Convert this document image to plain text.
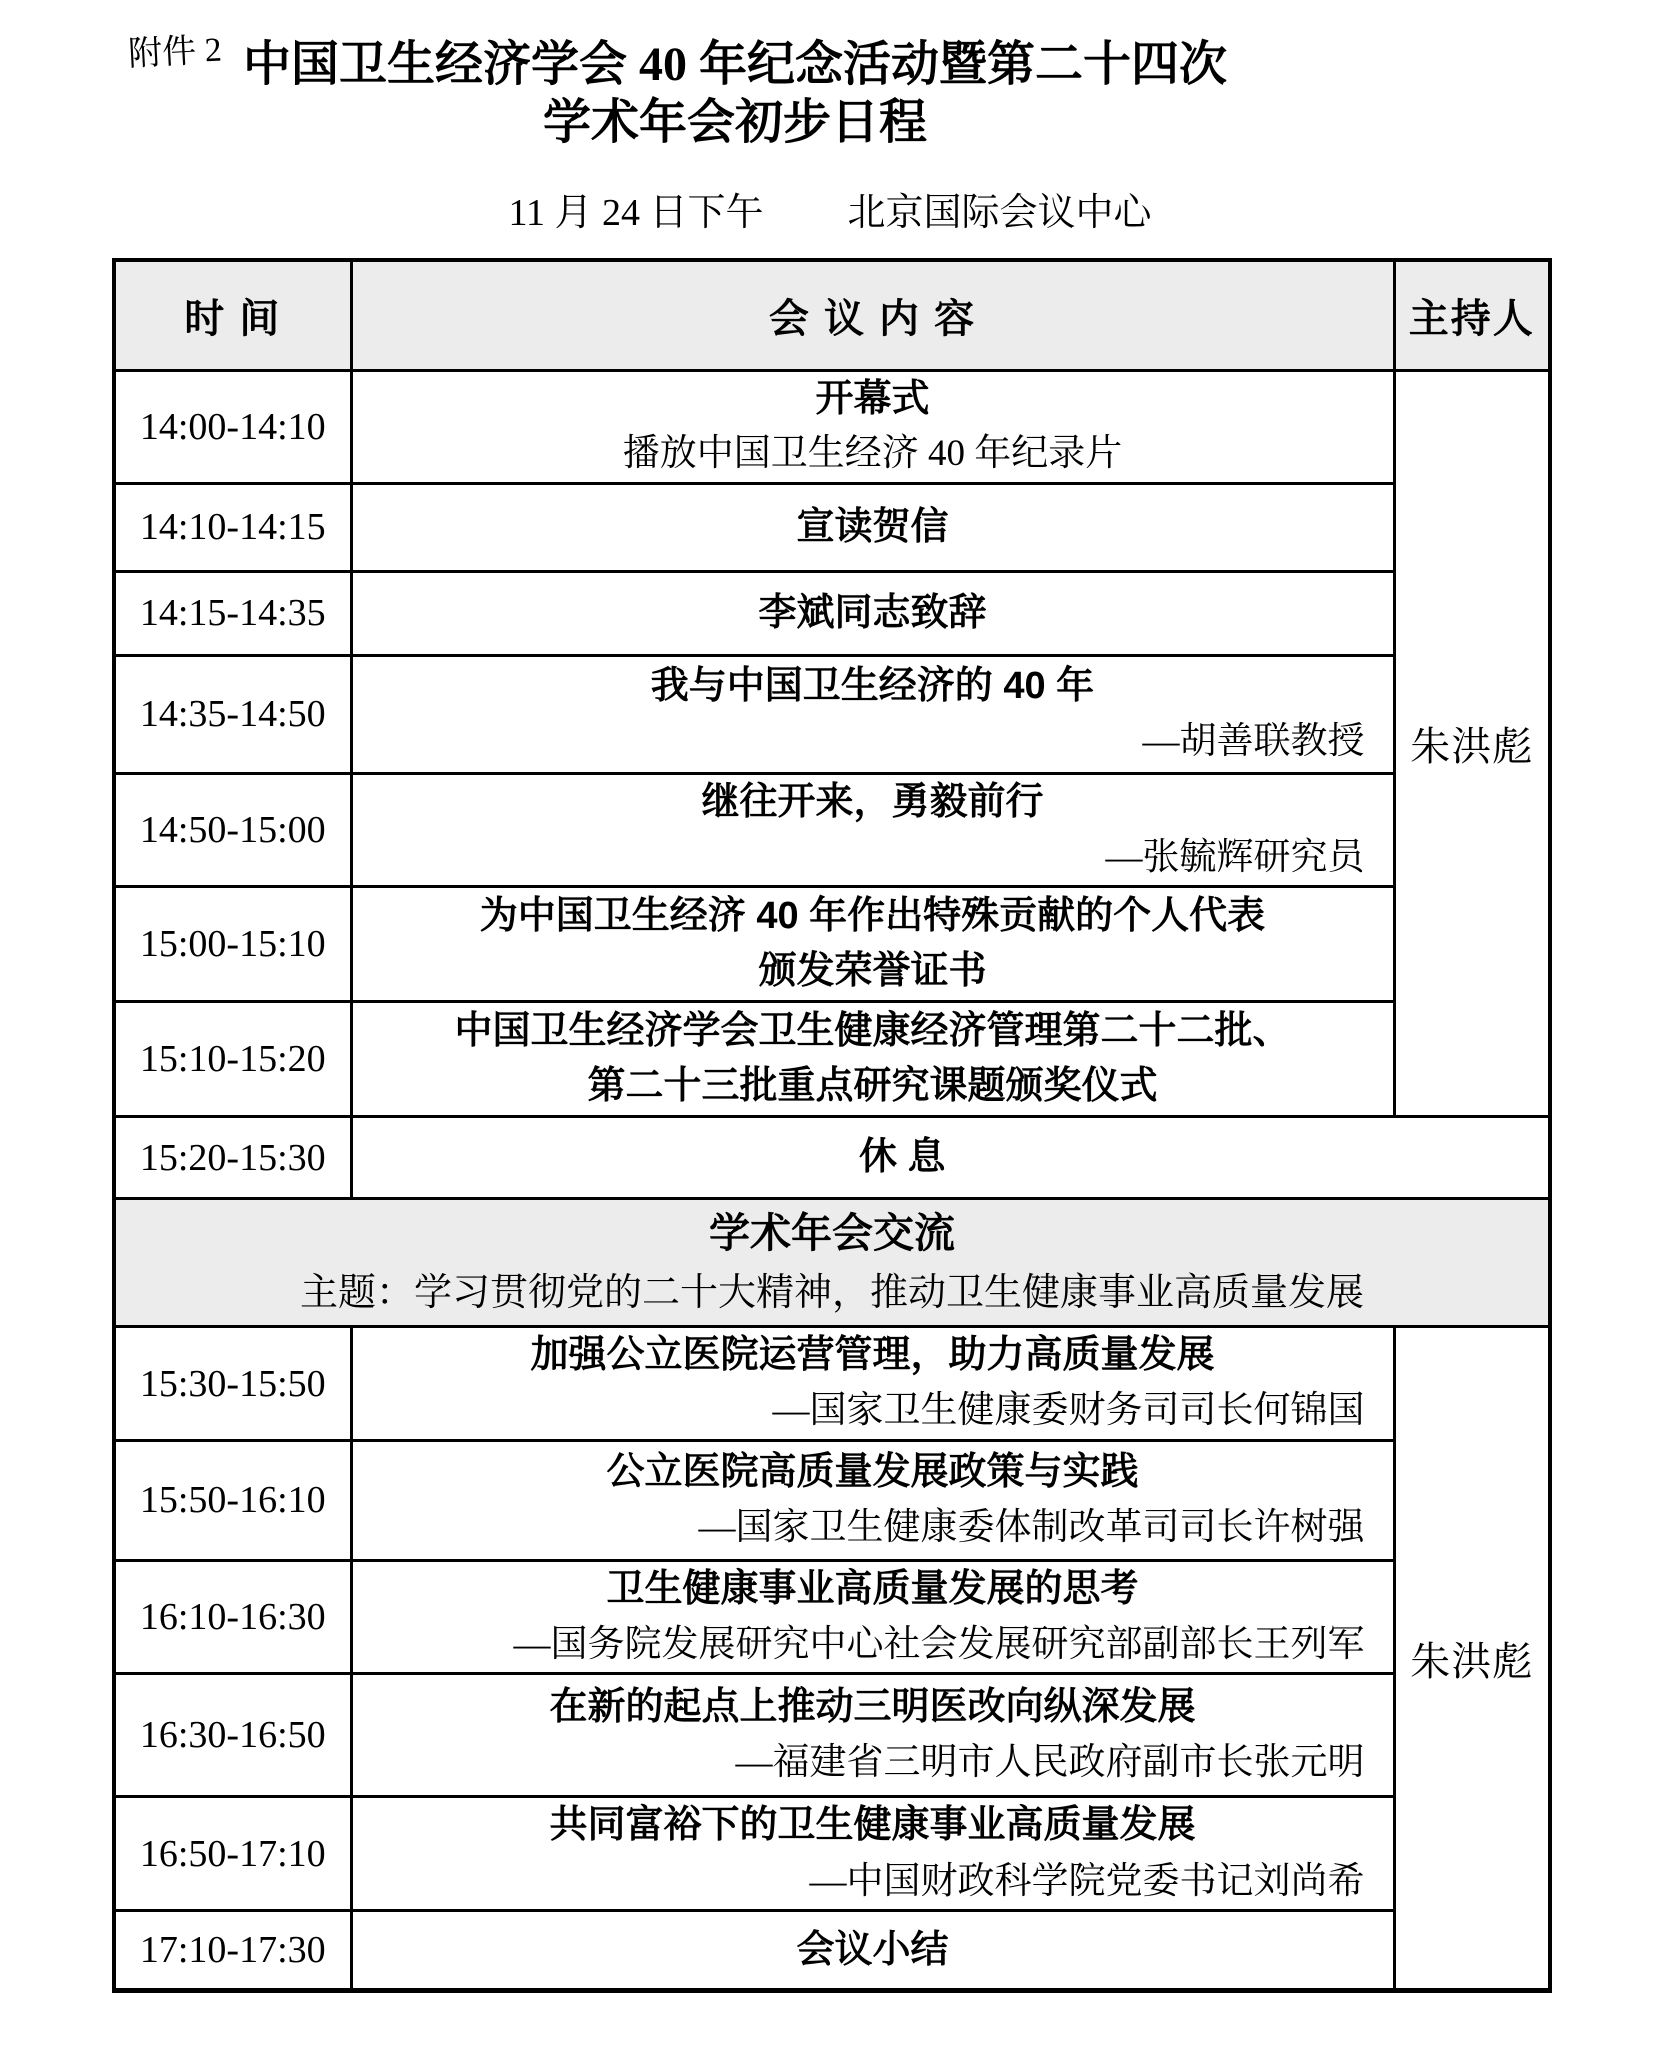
附件 2 中国卫生经济学会 40 年纪念活动暨第二十四次
学术年会初步日程
11 月 24 日下午 北京国际会议中心
时 间	会 议 内 容	主持人
14:00-14:10	开幕式
播放中国卫生经济 40 年纪录片	朱洪彪
14:10-14:15	宣读贺信	

14:15-14:35	李斌同志致辞	

14:35-14:50	我与中国卫生经济的 40 年
—胡善联教授	

14:50-15:00	继往开来，勇毅前行
—张毓辉研究员	

15:00-15:10	为中国卫生经济 40 年作出特殊贡献的个人代表
颁发荣誉证书	

15:10-15:20	中国卫生经济学会卫生健康经济管理第二十二批、
第二十三批重点研究课题颁奖仪式	

15:20-15:30	休 息	

学术年会交流
主题：学习贯彻党的二十大精神，推动卫生健康事业高质量发展		

15:30-15:50	加强公立医院运营管理，助力高质量发展
—国家卫生健康委财务司司长何锦国	朱洪彪
15:50-16:10	公立医院高质量发展政策与实践
—国家卫生健康委体制改革司司长许树强	

16:10-16:30	卫生健康事业高质量发展的思考
—国务院发展研究中心社会发展研究部副部长王列军	

16:30-16:50	在新的起点上推动三明医改向纵深发展
—福建省三明市人民政府副市长张元明	

16:50-17:10	共同富裕下的卫生健康事业高质量发展
—中国财政科学院党委书记刘尚希	

17:10-17:30	会议小结	
